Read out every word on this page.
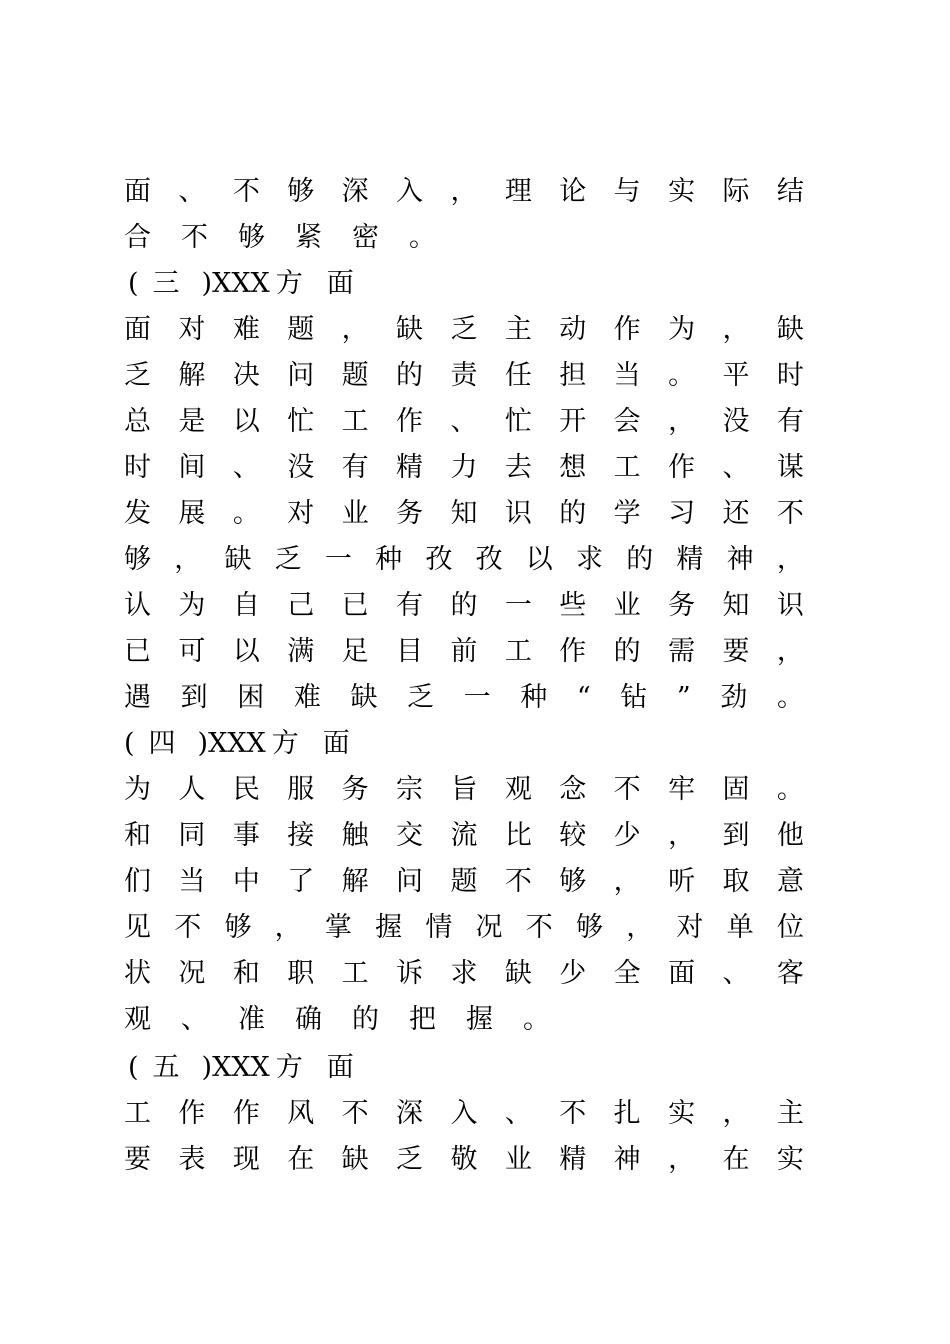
面 、 不 够 深 入 ， 理 论 与 实 际 结
合不够紧密。
( 三 )XXX 方 面
面 对 难 题 ， 缺 乏 主 动 作 为 ， 缺
乏 解 决 问 题 的 责 任 担 当 。 平 时
总 是 以 忙 工 作 、 忙 开 会 ， 没 有
时 间 、 没 有 精 力 去 想 工 作 、 谋
发 展 。 对 业 务 知 识 的 学 习 还 不
够 ， 缺 乏 一 种 孜 孜 以 求 的 精 神 ，
认 为 自 己 已 有 的 一 些 业 务 知 识
已 可 以 满 足 目 前 工 作 的 需 要 ，
遇 到 困 难 缺 乏 一 种 “ 钻 ” 劲 。
( 四 )XXX 方 面
为 人 民 服 务 宗 旨 观 念 不 牢 固 。
和 同 事 接 触 交 流 比 较 少 ， 到 他
们 当 中 了 解 问 题 不 够 ， 听 取 意
见 不 够 ， 掌 握 情 况 不 够 ， 对 单 位
状 况 和 职 工 诉 求 缺 少 全 面 、 客
观、准确的把握。
( 五 )XXX 方 面
工 作 作 风 不 深 入 、 不 扎 实 ， 主
要 表 现 在 缺 乏 敬 业 精 神 ， 在 实
